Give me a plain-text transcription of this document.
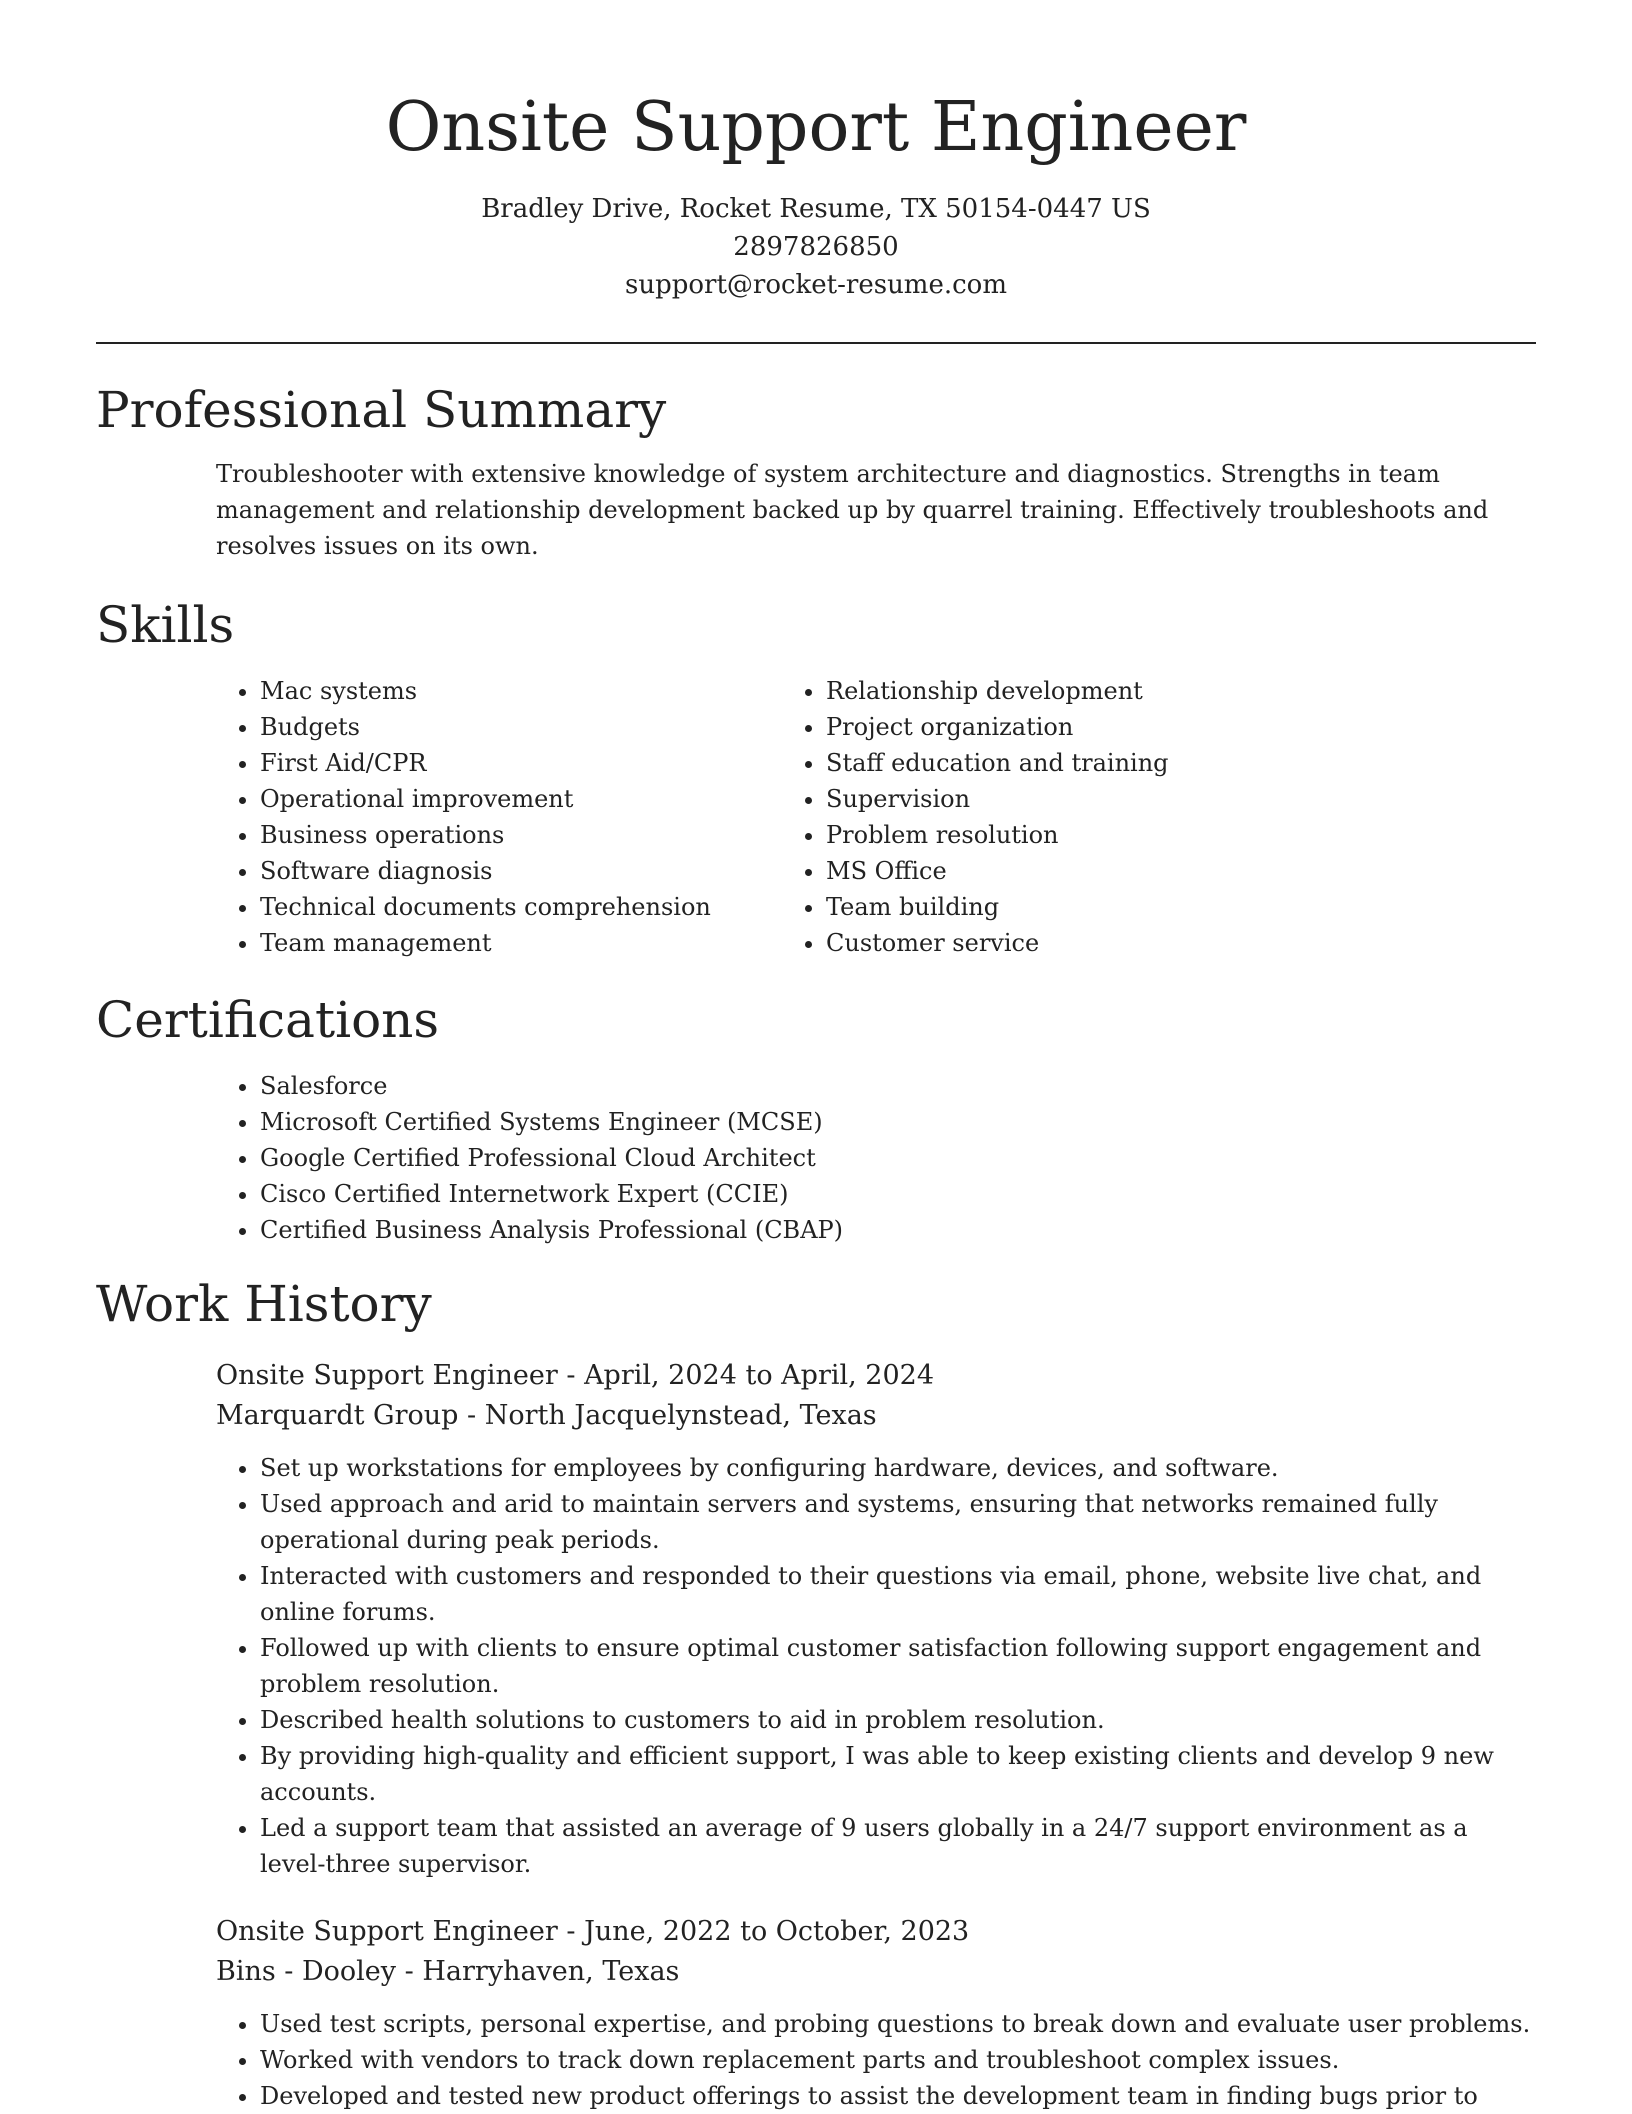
Onsite Support Engineer
Bradley Drive, Rocket Resume, TX 50154-0447 US
2897826850
support@rocket-resume.com
Professional Summary
Troubleshooter with extensive knowledge of system architecture and diagnostics. Strengths in team management and relationship development backed up by quarrel training. Effectively troubleshoots and resolves issues on its own.
Skills
• Mac systems
• Budgets
• First Aid/CPR
• Operational improvement
• Business operations
• Software diagnosis
• Technical documents comprehension
• Team management
• Relationship development
• Project organization
• Staff education and training
• Supervision
• Problem resolution
• MS Office
• Team building
• Customer service
Certifications
• Salesforce
• Microsoft Certified Systems Engineer (MCSE)
• Google Certified Professional Cloud Architect
• Cisco Certified Internetwork Expert (CCIE)
• Certified Business Analysis Professional (CBAP)
Work History
Onsite Support Engineer - April, 2024 to April, 2024
Marquardt Group - North Jacquelynstead, Texas
• Set up workstations for employees by configuring hardware, devices, and software.
• Used approach and arid to maintain servers and systems, ensuring that networks remained fully operational during peak periods.
• Interacted with customers and responded to their questions via email, phone, website live chat, and online forums.
• Followed up with clients to ensure optimal customer satisfaction following support engagement and problem resolution.
• Described health solutions to customers to aid in problem resolution.
• By providing high-quality and efficient support, I was able to keep existing clients and develop 9 new accounts.
• Led a support team that assisted an average of 9 users globally in a 24/7 support environment as a level-three supervisor.
Onsite Support Engineer - June, 2022 to October, 2023
Bins - Dooley - Harryhaven, Texas
• Used test scripts, personal expertise, and probing questions to break down and evaluate user problems.
• Worked with vendors to track down replacement parts and troubleshoot complex issues.
• Developed and tested new product offerings to assist the development team in finding bugs prior to
